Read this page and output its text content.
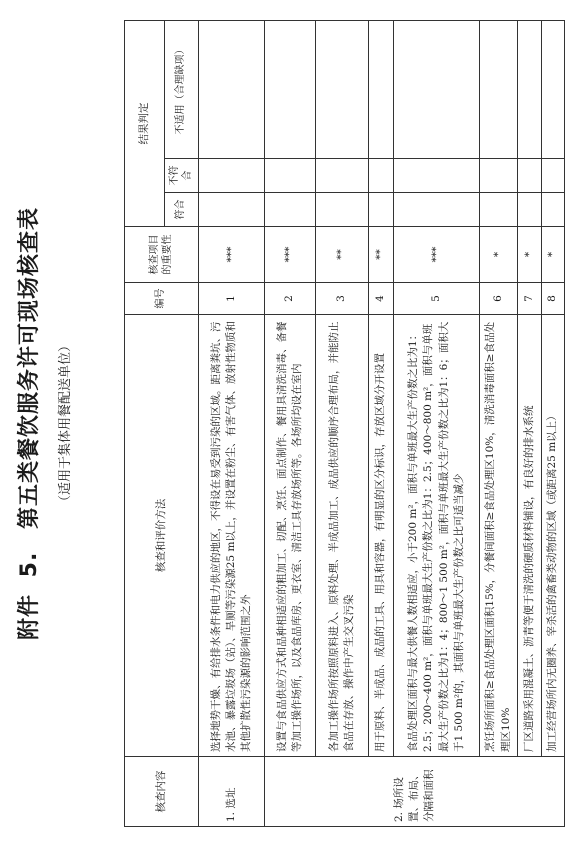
附件 5. 第五类餐饮服务许可现场核查表	（适用于集体用餐配送单位）
核查内容	核查和评价方法	编号	核查项目的重要性	结果判定		
				符合	不符合	不适用（合理缺项）
1. 选址	选择地势干燥、有给排水条件和电力供应的地区，不得设在易受到污染的区域。距离粪坑、污水池、暴露垃圾场（站）、旱厕等污染源25 m以上，并设置在粉尘、有害气体、放射性物质和其他扩散性污染源的影响范围之外	1	***			
2. 场所设置、布局、分隔和面积	设置与食品供应方式和品种相适应的粗加工、切配、烹饪、面点制作、餐用具清洗消毒、备餐等加工操作场所，以及食品库房、更衣室、清洁工具存放场所等。各场所均设在室内	2	***			
	各加工操作场所按照原料进入、原料处理、半成品加工、成品供应的顺序合理布局，并能防止食品在存放、操作中产生交叉污染	3	**			
	用于原料、半成品、成品的工具、用具和容器，有明显的区分标识，存放区域分开设置	4	**			
	食品处理区面积与最大供餐人数相适应，小于200 m²，面积与单班最大生产份数之比为1：2.5；200～400 m²，面积与单班最大生产份数之比为1：2.5；400～800 m²，面积与单班最大生产份数之比为1：4；800～1 500 m²，面积与单班最大生产份数之比为1：6；面积大于1 500 m²的，其面积与单班最大生产份数之比可适当减少	5	***			
	烹饪场所面积≥食品处理区面积15%，分餐间面积≥食品处理区10%，清洗消毒面积≥食品处理区10%	6	*			
	厂区道路采用混凝土、沥青等便于清洗的硬质材料铺设，有良好的排水系统	7	*			
	加工经营场所内无圈养、宰杀活的禽畜类动物的区域（或距离25 m以上）	8	*			
